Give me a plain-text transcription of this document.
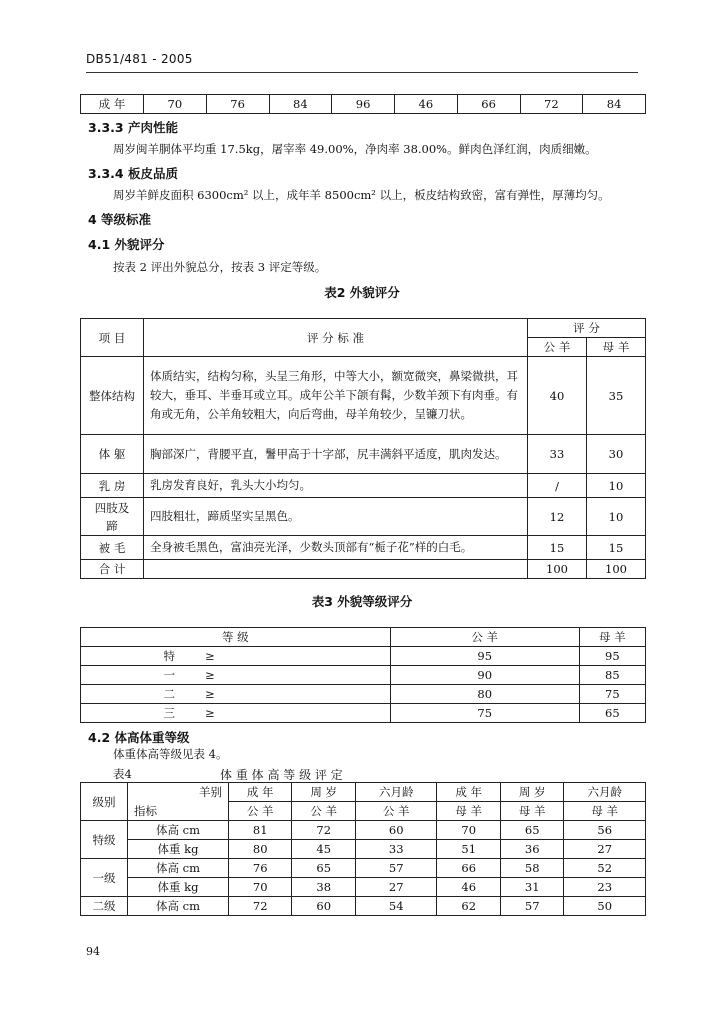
DB51/481 - 2005
成 年	70	76	84	96	46	66	72	84
3.3.3 产肉性能
周岁闽羊胴体平均重 17.5kg，屠宰率 49.00%，净肉率 38.00%。鲜肉色泽红润，肉质细嫩。
3.3.4 板皮品质
周岁羊鲜皮面积 6300cm² 以上，成年羊 8500cm² 以上，板皮结构致密，富有弹性，厚薄均匀。
4 等级标准
4.1 外貌评分
按表 2 评出外貌总分，按表 3 评定等级。
表2 外貌评分
项 目	评 分 标 准	评 分	
		公 羊	母 羊
整体结构	体质结实，结构匀称，头呈三角形，中等大小，额宽微突，鼻梁微拱，耳较大，垂耳、半垂耳或立耳。成年公羊下颌有髯，少数羊颈下有肉垂。有角或无角，公羊角较粗大，向后弯曲，母羊角较少，呈镰刀状。	40	35
体 躯	胸部深广，背腰平直，鬐甲高于十字部，尻丰满斜平适度，肌肉发达。	33	30
乳 房	乳房发育良好，乳头大小均匀。	/	10
四肢及蹄	四肢粗壮，蹄质坚实呈黑色。	12	10
被 毛	全身被毛黑色，富油亮光泽，少数头顶部有“栀子花”样的白毛。	15	15
合 计		100	100
表3 外貌等级评分
等 级		公 羊	母 羊
特	≥	95	95
一	≥	90	85
二	≥	80	75
三	≥	75	65
4.2 体高体重等级
体重体高等级见表 4。
表4	体 重 体 高 等 级 评 定
级别	羊别	成 年	周 岁	六月龄	成 年	周 岁	六月龄
	指标	公 羊	公 羊	公 羊	母 羊	母 羊	母 羊
特级	体高 cm	81	72	60	70	65	56
	体重 kg	80	45	33	51	36	27
一级	体高 cm	76	65	57	66	58	52
	体重 kg	70	38	27	46	31	23
二级	体高 cm	72	60	54	62	57	50
94
